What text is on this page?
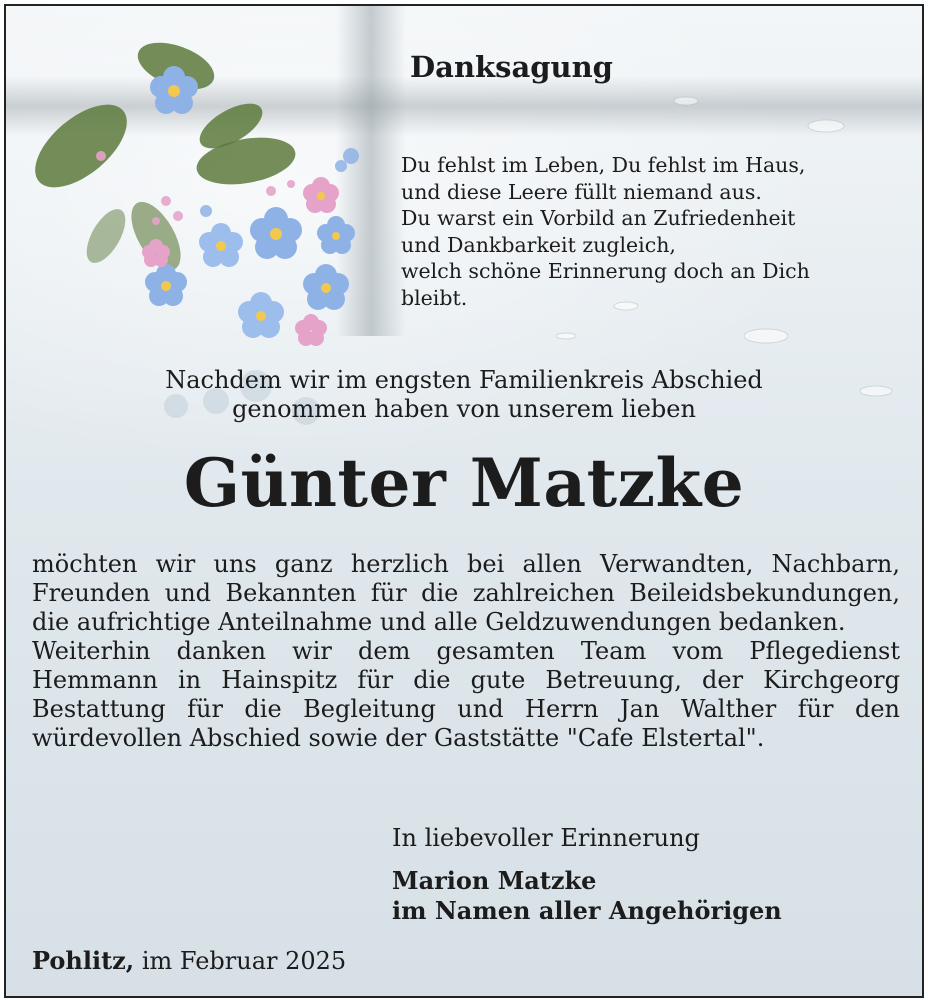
Danksagung
Du fehlst im Leben, Du fehlst im Haus,
und diese Leere füllt niemand aus.
Du warst ein Vorbild an Zufriedenheit
und Dankbarkeit zugleich,
welch schöne Erinnerung doch an Dich
bleibt.
Nachdem wir im engsten Familienkreis Abschied
genommen haben von unserem lieben
Günter Matzke

möchten wir uns ganz herzlich bei allen Verwandten, Nachbarn, Freunden und Bekannten für die zahlreichen Beileidsbekundungen, die aufrichtige Anteilnahme und alle Geldzuwendungen bedanken.

Weiterhin danken wir dem gesamten Team vom Pflegedienst Hemmann in Hainspitz für die gute Betreuung, der Kirchgeorg Bestattung für die Begleitung und Herrn Jan Walther für den würdevollen Abschied sowie der Gaststätte "Cafe Elstertal".

In liebevoller Erinnerung
Marion Matzke
im Namen aller Angehörigen
Pohlitz, im Februar 2025
